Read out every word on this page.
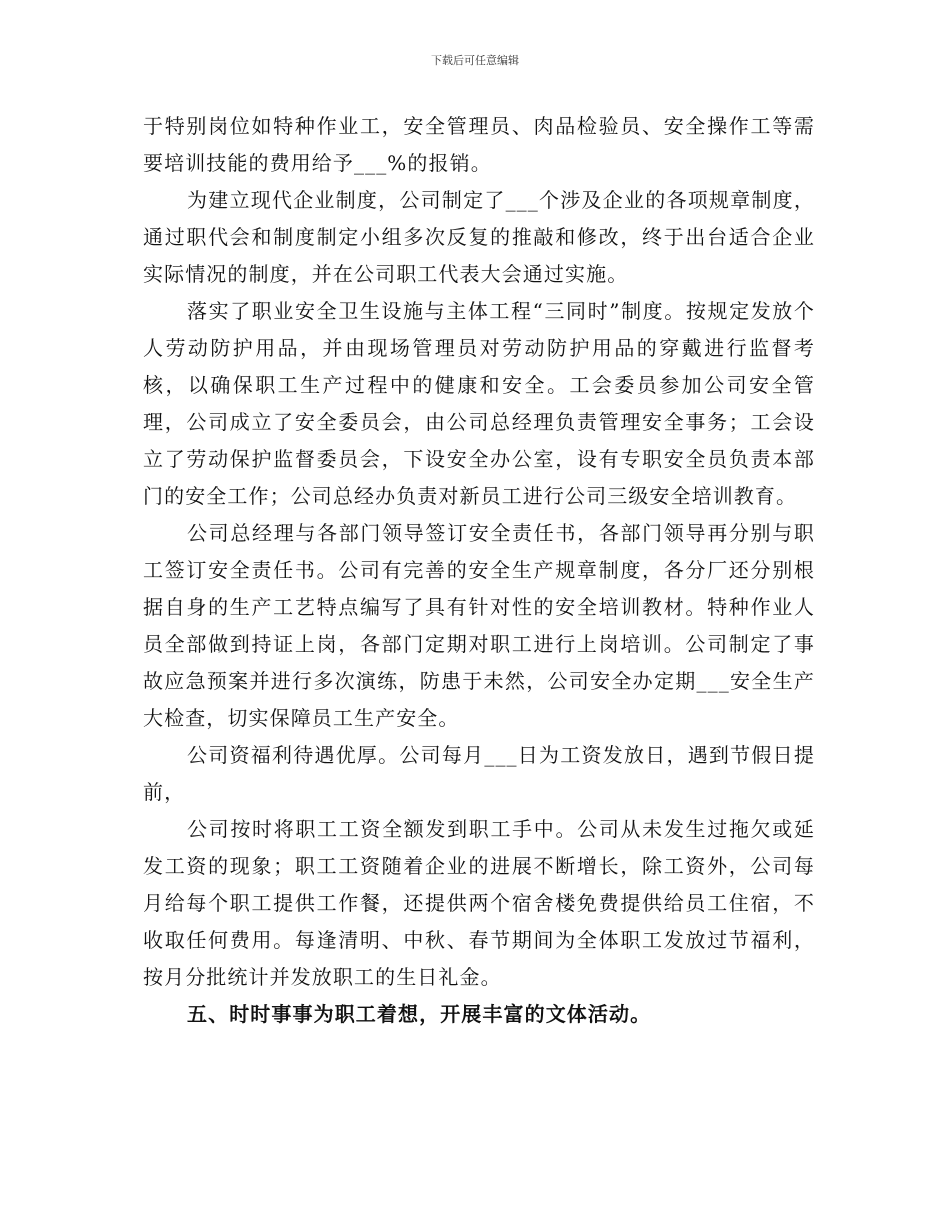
下载后可任意编辑

于特别岗位如特种作业工，安全管理员、肉品检验员、安全操作工等需要培训技能的费用给予___%的报销。

为建立现代企业制度，公司制定了___个涉及企业的各项规章制度，通过职代会和制度制定小组多次反复的推敲和修改，终于出台适合企业实际情况的制度，并在公司职工代表大会通过实施。

落实了职业安全卫生设施与主体工程“三同时”制度。按规定发放个人劳动防护用品，并由现场管理员对劳动防护用品的穿戴进行监督考核，以确保职工生产过程中的健康和安全。工会委员参加公司安全管理，公司成立了安全委员会，由公司总经理负责管理安全事务；工会设立了劳动保护监督委员会，下设安全办公室，设有专职安全员负责本部门的安全工作；公司总经办负责对新员工进行公司三级安全培训教育。

公司总经理与各部门领导签订安全责任书，各部门领导再分别与职工签订安全责任书。公司有完善的安全生产规章制度，各分厂还分别根据自身的生产工艺特点编写了具有针对性的安全培训教材。特种作业人员全部做到持证上岗，各部门定期对职工进行上岗培训。公司制定了事故应急预案并进行多次演练，防患于未然，公司安全办定期___安全生产大检查，切实保障员工生产安全。

公司资福利待遇优厚。公司每月___日为工资发放日，遇到节假日提前，

公司按时将职工工资全额发到职工手中。公司从未发生过拖欠或延发工资的现象；职工工资随着企业的进展不断增长，除工资外，公司每月给每个职工提供工作餐，还提供两个宿舍楼免费提供给员工住宿，不收取任何费用。每逢清明、中秋、春节期间为全体职工发放过节福利，按月分批统计并发放职工的生日礼金。

五、时时事事为职工着想，开展丰富的文体活动。
